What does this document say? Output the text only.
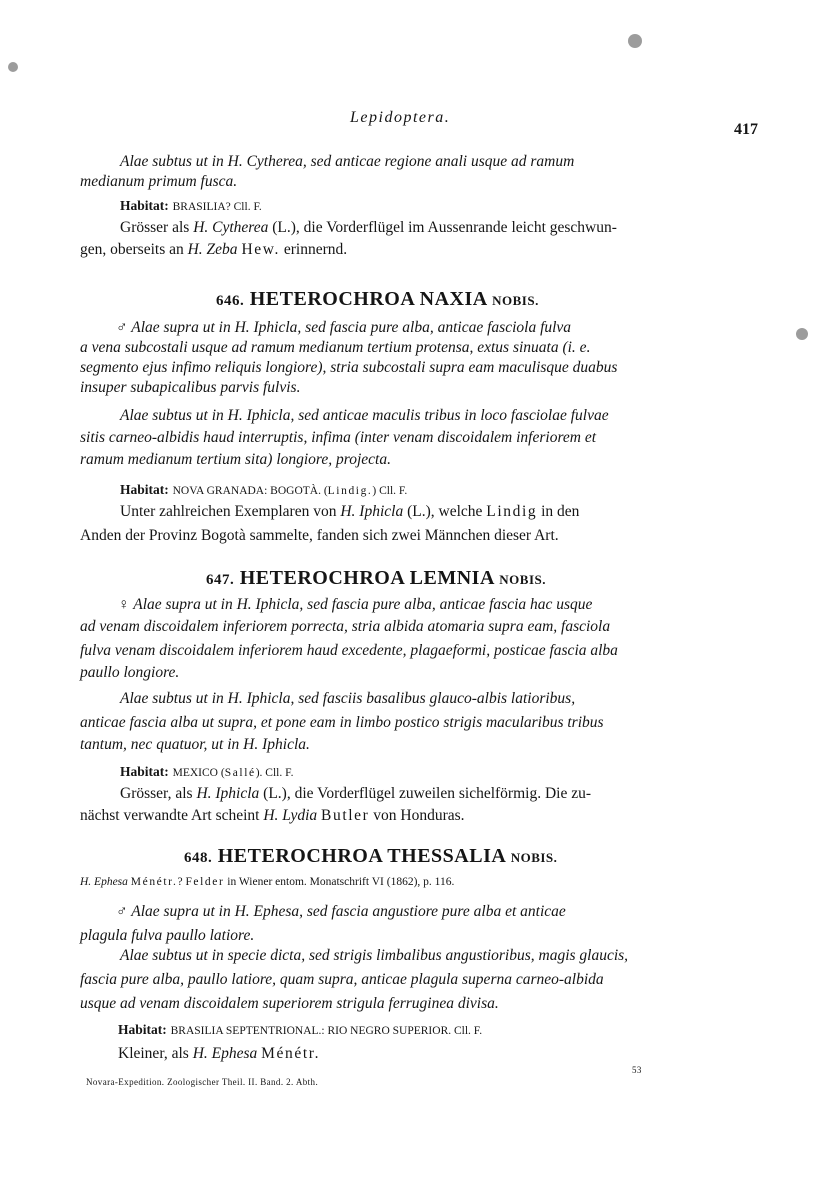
Lepidoptera.
417
Alae subtus ut in H. Cytherea, sed anticae regione anali usque ad ramum
medianum primum fusca.
Habitat: BRASILIA? Cll. F.
Grösser als H. Cytherea (L.), die Vorderflügel im Aussenrande leicht geschwun-
gen, oberseits an H. Zeba Hew. erinnernd.
646. HETEROCHROA NAXIA NOBIS.
♂ Alae supra ut in H. Iphicla, sed fascia pure alba, anticae fasciola fulva
a vena subcostali usque ad ramum medianum tertium protensa, extus sinuata (i. e.
segmento ejus infimo reliquis longiore), stria subcostali supra eam maculisque duabus
insuper subapicalibus parvis fulvis.
Alae subtus ut in H. Iphicla, sed anticae maculis tribus in loco fasciolae fulvae
sitis carneo-albidis haud interruptis, infima (inter venam discoidalem inferiorem et
ramum medianum tertium sita) longiore, projecta.
Habitat: NOVA GRANADA: BOGOTÀ. (Lindig.) Cll. F.
Unter zahlreichen Exemplaren von H. Iphicla (L.), welche Lindig in den
Anden der Provinz Bogotà sammelte, fanden sich zwei Männchen dieser Art.
647. HETEROCHROA LEMNIA NOBIS.
♀ Alae supra ut in H. Iphicla, sed fascia pure alba, anticae fascia hac usque
ad venam discoidalem inferiorem porrecta, stria albida atomaria supra eam, fasciola
fulva venam discoidalem inferiorem haud excedente, plagaeformi, posticae fascia alba
paullo longiore.
Alae subtus ut in H. Iphicla, sed fasciis basalibus glauco-albis latioribus,
anticae fascia alba ut supra, et pone eam in limbo postico strigis macularibus tribus
tantum, nec quatuor, ut in H. Iphicla.
Habitat: MEXICO (Sallé). Cll. F.
Grösser, als H. Iphicla (L.), die Vorderflügel zuweilen sichelförmig. Die zu-
nächst verwandte Art scheint H. Lydia Butler von Honduras.
648. HETEROCHROA THESSALIA NOBIS.
H. Ephesa Ménétr.? Felder in Wiener entom. Monatschrift VI (1862), p. 116.
♂ Alae supra ut in H. Ephesa, sed fascia angustiore pure alba et anticae
plagula fulva paullo latiore.
Alae subtus ut in specie dicta, sed strigis limbalibus angustioribus, magis glaucis,
fascia pure alba, paullo latiore, quam supra, anticae plagula superna carneo-albida
usque ad venam discoidalem superiorem strigula ferruginea divisa.
Habitat: BRASILIA SEPTENTRIONAL.: RIO NEGRO SUPERIOR. Cll. F.
Kleiner, als H. Ephesa Ménétr.
Novara-Expedition. Zoologischer Theil. II. Band. 2. Abth.
53
